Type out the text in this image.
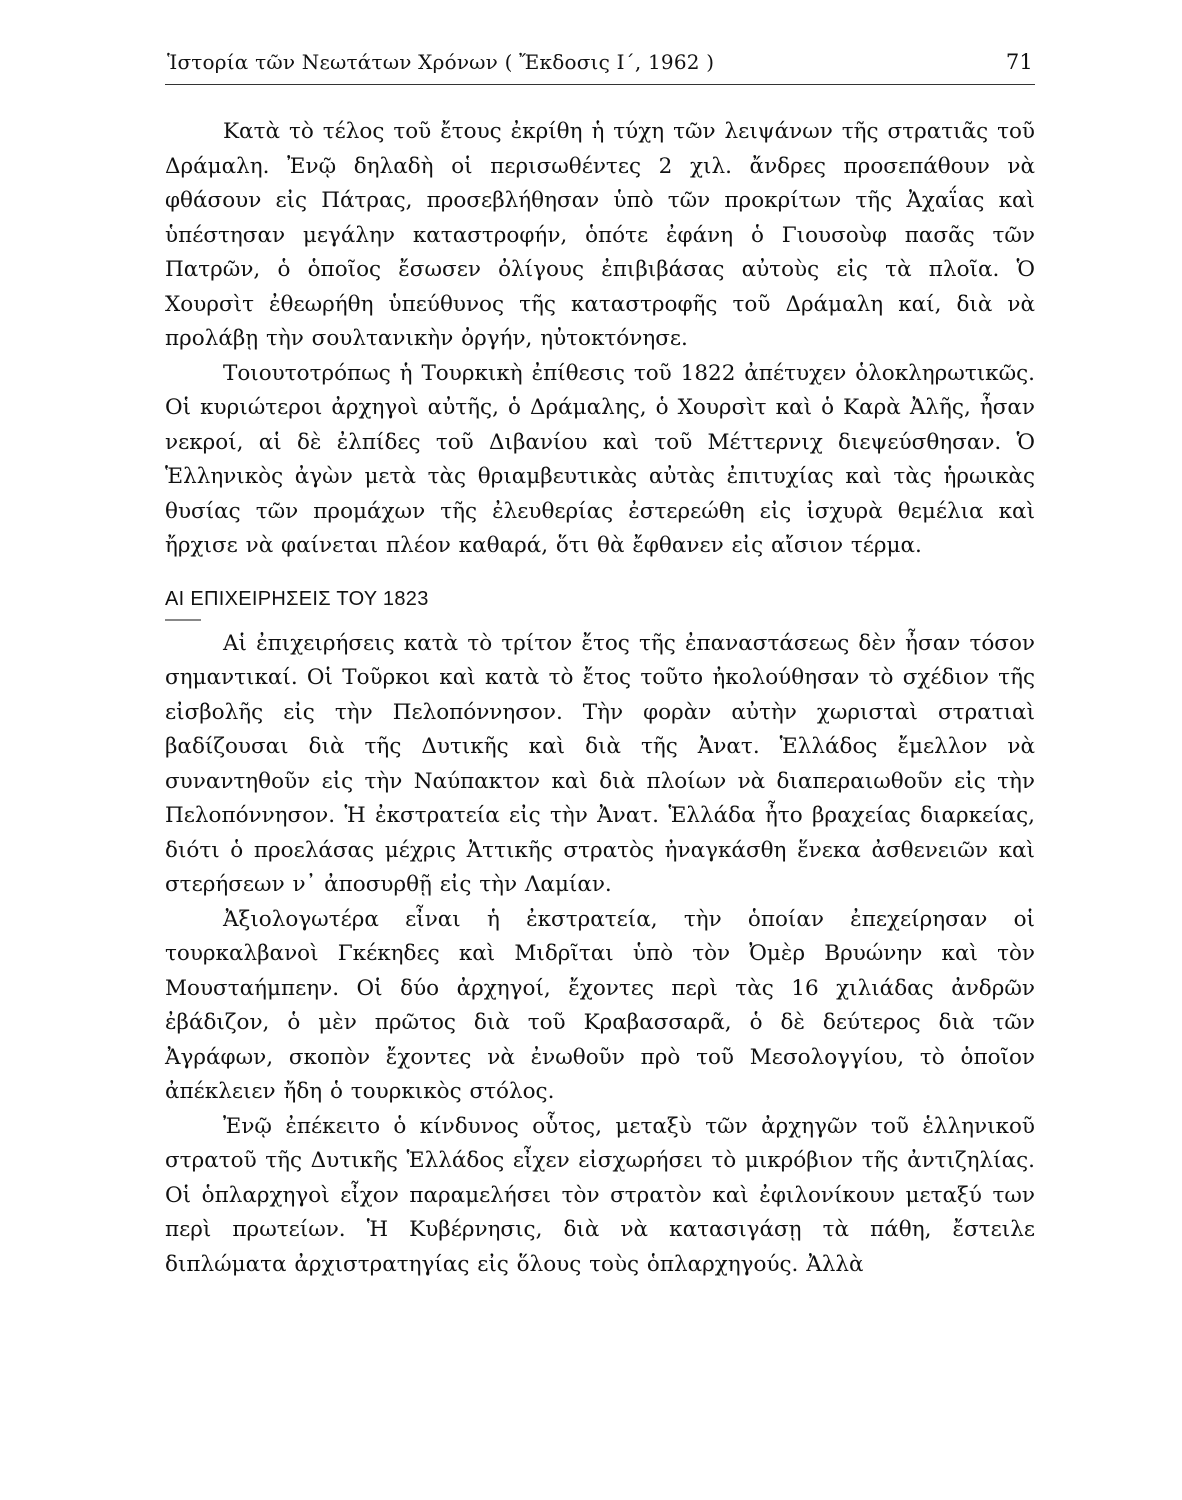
Ἱστορία τῶν Νεωτάτων Χρόνων ( Ἔκδοσις Ι΄, 1962 )	71

Κατὰ τὸ τέλος τοῦ ἔτους ἐκρίθη ἡ τύχη τῶν λειψάνων τῆς στρατιᾶς τοῦ Δράμαλη. Ἐνῷ δηλαδὴ οἱ περισωθέντες 2 χιλ. ἄνδρες προσεπάθουν νὰ φθάσουν εἰς Πάτρας, προσεβλήθησαν ὑπὸ τῶν προκρίτων τῆς Ἀχαΐας καὶ ὑπέστησαν μεγάλην καταστροφήν, ὁπότε ἐφάνη ὁ Γιουσοὺφ πασᾶς τῶν Πατρῶν, ὁ ὁποῖος ἔσωσεν ὀλίγους ἐπιβιβάσας αὐτοὺς εἰς τὰ πλοῖα. Ὁ Χουρσὶτ ἐθεωρήθη ὑπεύθυνος τῆς καταστροφῆς τοῦ Δράμαλη καί, διὰ νὰ προλάβῃ τὴν σουλτανικὴν ὀργήν, ηὐτοκτόνησε.

Τοιουτοτρόπως ἡ Τουρκικὴ ἐπίθεσις τοῦ 1822 ἀπέτυχεν ὁλοκληρωτικῶς. Οἱ κυριώτεροι ἀρχηγοὶ αὐτῆς, ὁ Δράμαλης, ὁ Χουρσὶτ καὶ ὁ Καρὰ Ἀλῆς, ἦσαν νεκροί, αἱ δὲ ἐλπίδες τοῦ Διβανίου καὶ τοῦ Μέττερνιχ διεψεύσθησαν. Ὁ Ἑλληνικὸς ἀγὼν μετὰ τὰς θριαμβευτικὰς αὐτὰς ἐπιτυχίας καὶ τὰς ἡρωικὰς θυσίας τῶν προμάχων τῆς ἐλευθερίας ἐστερεώθη εἰς ἰσχυρὰ θεμέλια καὶ ἤρχισε νὰ φαίνεται πλέον καθαρά, ὅτι θὰ ἔφθανεν εἰς αἴσιον τέρμα.

ΑΙ ΕΠΙΧΕΙΡΗΣΕΙΣ ΤΟΥ 1823

Αἱ ἐπιχειρήσεις κατὰ τὸ τρίτον ἔτος τῆς ἐπαναστάσεως δὲν ἦσαν τόσον σημαντικαί. Οἱ Τοῦρκοι καὶ κατὰ τὸ ἔτος τοῦτο ἠκολούθησαν τὸ σχέδιον τῆς εἰσβολῆς εἰς τὴν Πελοπόννησον. Τὴν φορὰν αὐτὴν χωρισταὶ στρατιαὶ βαδίζουσαι διὰ τῆς Δυτικῆς καὶ διὰ τῆς Ἀνατ. Ἑλλάδος ἔμελλον νὰ συναντηθοῦν εἰς τὴν Ναύπακτον καὶ διὰ πλοίων νὰ διαπεραιωθοῦν εἰς τὴν Πελοπόννησον. Ἡ ἐκστρατεία εἰς τὴν Ἀνατ. Ἑλλάδα ἦτο βραχείας διαρκείας, διότι ὁ προελάσας μέχρις Ἀττικῆς στρατὸς ἠναγκάσθη ἕνεκα ἀσθενειῶν καὶ στερήσεων ν᾿ ἀποσυρθῇ εἰς τὴν Λαμίαν.

Ἀξιολογωτέρα εἶναι ἡ ἐκστρατεία, τὴν ὁποίαν ἐπεχείρησαν οἱ τουρκαλβανοὶ Γκέκηδες καὶ Μιδρῖται ὑπὸ τὸν Ὀμὲρ Βρυώνην καὶ τὸν Μουσταήμπεην. Οἱ δύο ἀρχηγοί, ἔχοντες περὶ τὰς 16 χιλιάδας ἀνδρῶν ἐβάδιζον, ὁ μὲν πρῶτος διὰ τοῦ Κραβασσαρᾶ, ὁ δὲ δεύτερος διὰ τῶν Ἀγράφων, σκοπὸν ἔχοντες νὰ ἐνωθοῦν πρὸ τοῦ Μεσολογγίου, τὸ ὁποῖον ἀπέκλειεν ἤδη ὁ τουρκικὸς στόλος.

Ἐνῷ ἐπέκειτο ὁ κίνδυνος οὗτος, μεταξὺ τῶν ἀρχηγῶν τοῦ ἑλληνικοῦ στρατοῦ τῆς Δυτικῆς Ἑλλάδος εἶχεν εἰσχωρήσει τὸ μικρόβιον τῆς ἀντιζηλίας. Οἱ ὁπλαρχηγοὶ εἶχον παραμελήσει τὸν στρατὸν καὶ ἐφιλονίκουν μεταξύ των περὶ πρωτείων. Ἡ Κυβέρνησις, διὰ νὰ κατασιγάσῃ τὰ πάθη, ἔστειλε διπλώματα ἀρχιστρατηγίας εἰς ὅλους τοὺς ὁπλαρχηγούς. Ἀλλὰ
